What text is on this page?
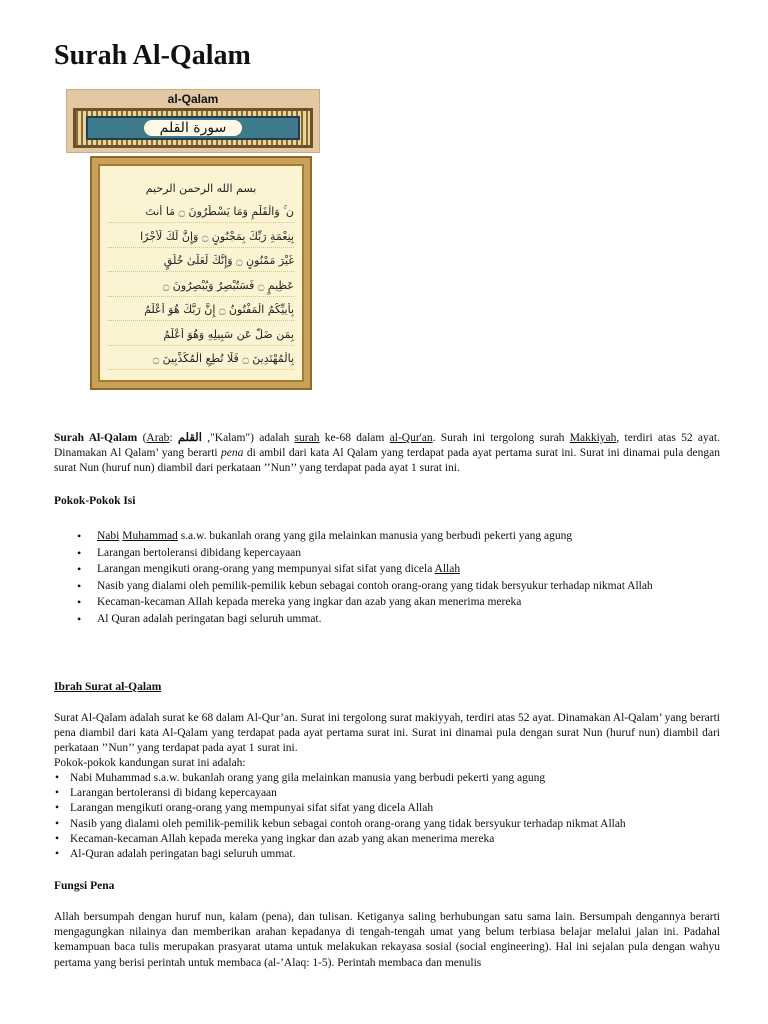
Surah Al-Qalam
al-Qalam
سورة القلم
بسم الله الرحمن الرحيم
ن ۚ وَالْقَلَمِ وَمَا يَسْطُرُونَ ۝ مَا أَنتَ
بِنِعْمَةِ رَبِّكَ بِمَجْنُونٍ ۝ وَإِنَّ لَكَ لَأَجْرًا
غَيْرَ مَمْنُونٍ ۝ وَإِنَّكَ لَعَلَىٰ خُلُقٍ
عَظِيمٍ ۝ فَسَتُبْصِرُ وَيُبْصِرُونَ ۝
بِأَييِّكُمُ الْمَفْتُونُ ۝ إِنَّ رَبَّكَ هُوَ أَعْلَمُ
بِمَن ضَلَّ عَن سَبِيلِهِ وَهُوَ أَعْلَمُ
بِالْمُهْتَدِينَ ۝ فَلَا تُطِعِ الْمُكَذِّبِينَ ۝

Surah Al-Qalam (Arab: القلم ,"Kalam") adalah surah ke-68 dalam al-Qur'an. Surah ini tergolong surah Makkiyah, terdiri atas 52 ayat. Dinamakan Al Qalam’ yang berarti pena di ambil dari kata Al Qalam yang terdapat pada ayat pertama surat ini. Surat ini dinamai pula dengan surat Nun (huruf nun) diambil dari perkataan ’’Nun’’ yang terdapat pada ayat 1 surat ini.

Pokok-Pokok Isi
• Nabi Muhammad s.a.w. bukanlah orang yang gila melainkan manusia yang berbudi pekerti yang agung
• Larangan bertoleransi dibidang kepercayaan
• Larangan mengikuti orang-orang yang mempunyai sifat sifat yang dicela Allah
• Nasib yang dialami oleh pemilik-pemilik kebun sebagai contoh orang-orang yang tidak bersyukur terhadap nikmat Allah
• Kecaman-kecaman Allah kepada mereka yang ingkar dan azab yang akan menerima mereka
• Al Quran adalah peringatan bagi seluruh ummat.
Ibrah Surat al-Qalam

Surat Al-Qalam adalah surat ke 68 dalam Al-Qur’an. Surat ini tergolong surat makiyyah, terdiri atas 52 ayat. Dinamakan Al-Qalam’ yang berarti pena diambil dari kata Al-Qalam yang terdapat pada ayat pertama surat ini. Surat ini dinamai pula dengan surat Nun (huruf nun) diambil dari perkataan ’’Nun’’ yang terdapat pada ayat 1 surat ini.

Pokok-pokok kandungan surat ini adalah:

• Nabi Muhammad s.a.w. bukanlah orang yang gila melainkan manusia yang berbudi pekerti yang agung
• Larangan bertoleransi di bidang kepercayaan
• Larangan mengikuti orang-orang yang mempunyai sifat sifat yang dicela Allah
• Nasib yang dialami oleh pemilik-pemilik kebun sebagai contoh orang-orang yang tidak bersyukur terhadap nikmat Allah
• Kecaman-kecaman Allah kepada mereka yang ingkar dan azab yang akan menerima mereka
• Al-Quran adalah peringatan bagi seluruh ummat.
Fungsi Pena

Allah bersumpah dengan huruf nun, kalam (pena), dan tulisan. Ketiganya saling berhubungan satu sama lain. Bersumpah dengannya berarti mengagungkan nilainya dan memberikan arahan kepadanya di tengah-tengah umat yang belum terbiasa belajar melalui jalan ini. Padahal kemampuan baca tulis merupakan prasyarat utama untuk melakukan rekayasa sosial (social engineering). Hal ini sejalan pula dengan wahyu pertama yang berisi perintah untuk membaca (al-’Alaq: 1-5). Perintah membaca dan menulis
